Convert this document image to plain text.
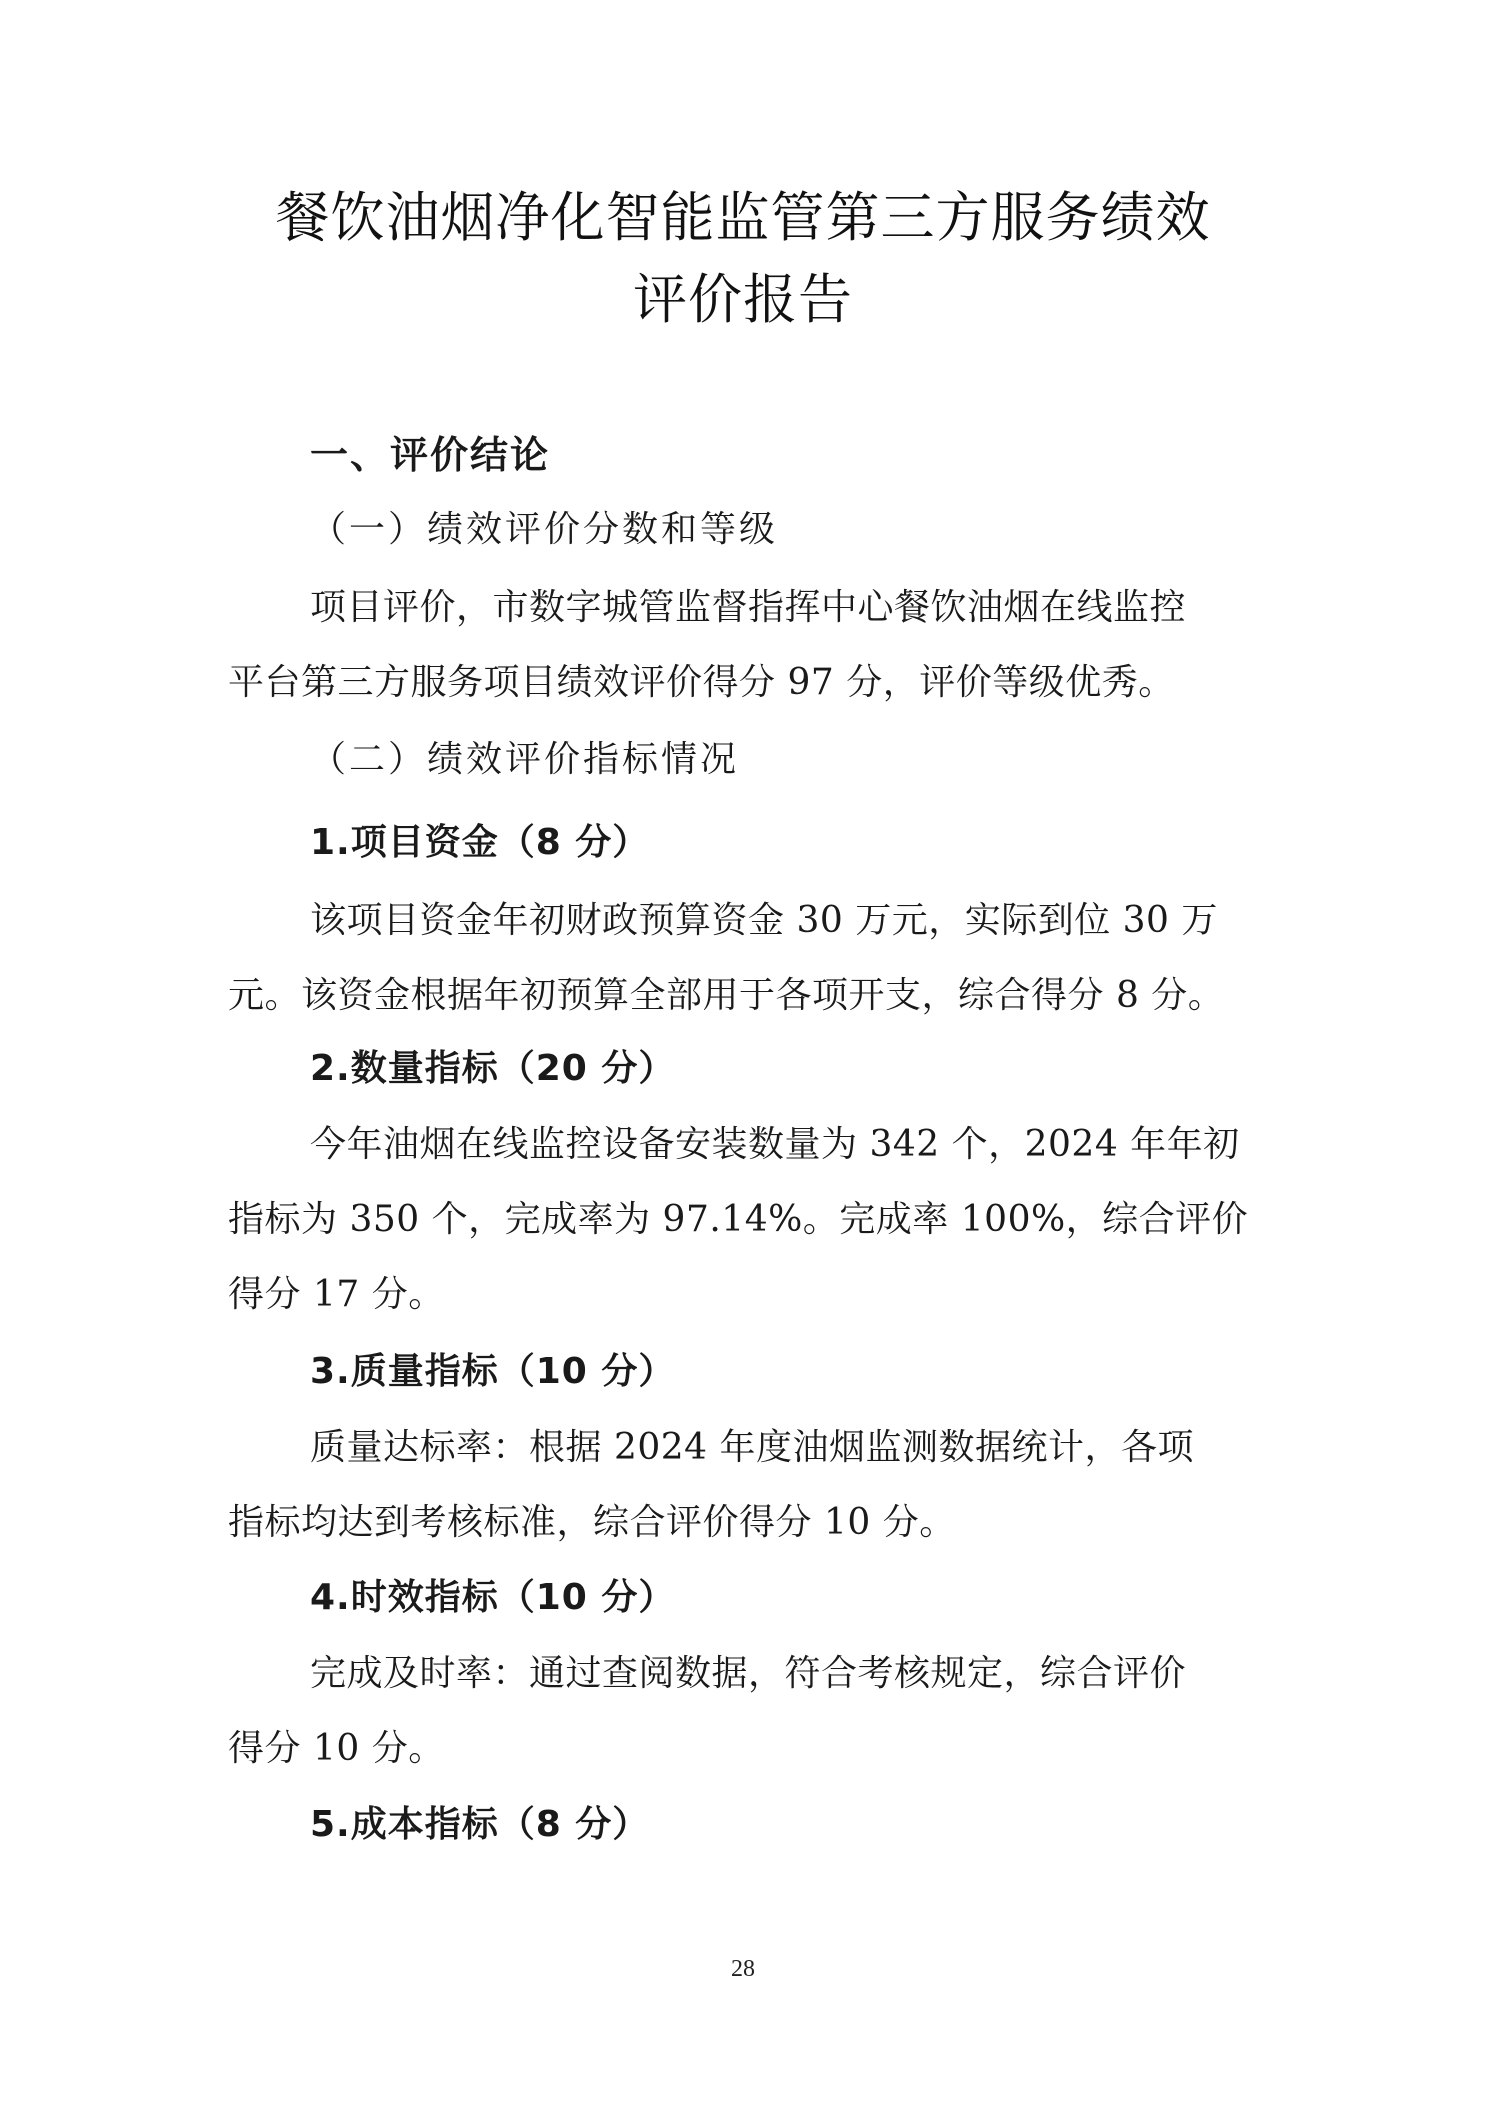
餐饮油烟净化智能监管第三方服务绩效
评价报告
一、评价结论
（一）绩效评价分数和等级
项目评价，市数字城管监督指挥中心餐饮油烟在线监控
平台第三方服务项目绩效评价得分 97 分，评价等级优秀。
（二）绩效评价指标情况
1.项目资金（8 分）
该项目资金年初财政预算资金 30 万元，实际到位 30 万
元。该资金根据年初预算全部用于各项开支，综合得分 8 分。
2.数量指标（20 分）
今年油烟在线监控设备安装数量为 342 个，2024 年年初
指标为 350 个，完成率为 97.14%。完成率 100%，综合评价
得分 17 分。
3.质量指标（10 分）
质量达标率：根据 2024 年度油烟监测数据统计，各项
指标均达到考核标准，综合评价得分 10 分。
4.时效指标（10 分）
完成及时率：通过查阅数据，符合考核规定，综合评价
得分 10 分。
5.成本指标（8 分）
28
